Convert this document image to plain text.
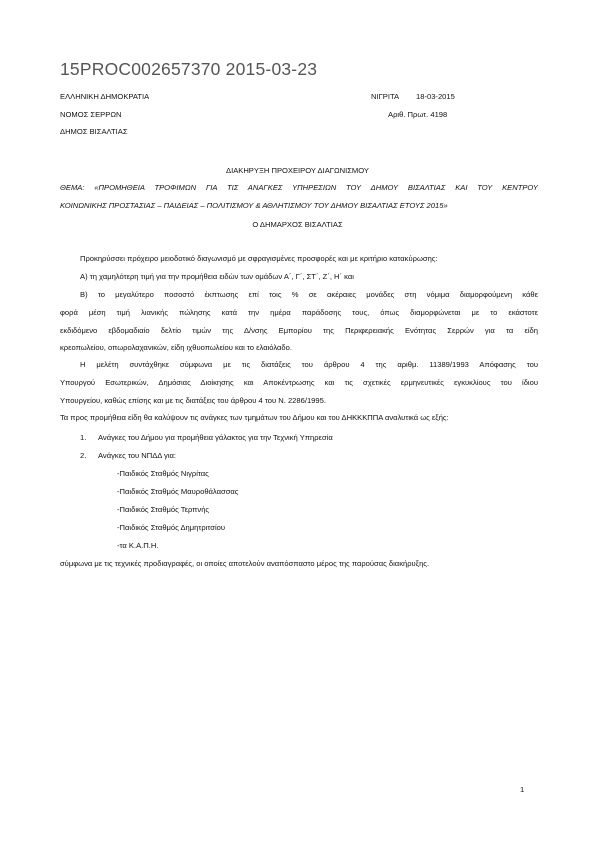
15PROC002657370 2015-03-23
ΕΛΛΗΝΙΚΗ ΔΗΜΟΚΡΑΤΙΑ	ΝΙΓΡΙΤΑ 18-03-2015
ΝΟΜΟΣ ΣΕΡΡΩΝ	Αριθ. Πρωτ. 4198
ΔΗΜΟΣ ΒΙΣΑΛΤΙΑΣ
ΔΙΑΚΗΡΥΞΗ ΠΡΟΧΕΙΡΟΥ ΔΙΑΓΩΝΙΣΜΟΥ
ΘΕΜΑ: «ΠΡΟΜΗΘΕΙΑ ΤΡΟΦΙΜΩΝ ΓΙΑ ΤΙΣ ΑΝΑΓΚΕΣ ΥΠΗΡΕΣΙΩΝ ΤΟΥ ΔΗΜΟΥ ΒΙΣΑΛΤΙΑΣ ΚΑΙ ΤΟΥ ΚΕΝΤΡΟΥ
ΚΟΙΝΩΝΙΚΗΣ ΠΡΟΣΤΑΣΙΑΣ – ΠΑΙΔΕΙΑΣ – ΠΟΛΙΤΙΣΜΟΥ & ΑΘΛΗΤΙΣΜΟΥ ΤΟΥ ΔΗΜΟΥ ΒΙΣΑΛΤΙΑΣ ΕΤΟΥΣ 2015»
Ο ΔΗΜΑΡΧΟΣ ΒΙΣΑΛΤΙΑΣ
Προκηρύσσει πρόχειρο μειοδοτικό διαγωνισμό με σφραγισμένες προσφορές και με κριτήριο κατακύρωσης:
Α) τη χαμηλότερη τιμή για την προμήθεια ειδών των ομάδων Α΄, Γ΄, ΣΤ΄, Ζ΄, Η΄ και
Β) το μεγαλύτερο ποσοστό έκπτωσης επί τοις % σε ακέραιες μονάδες στη νόμιμα διαμορφούμενη κάθε
φορά μέση τιμή λιανικής πώλησης κατά την ημέρα παράδοσης τους, όπως διαμορφώνεται με το εκάστοτε
εκδιδόμενο εβδομαδιαίο δελτίο τιμών της Δ/νσης Εμπορίου της Περιφερειακής Ενότητας Σερρών για τα είδη
κρεοπωλείου, οπωρολαχανικών, είδη ιχθυοπωλείου και το ελαιόλαδο.
Η μελέτη συντάχθηκε σύμφωνα με τις διατάξεις του άρθρου 4 της αριθμ. 11389/1993 Απόφασης του
Υπουργού Εσωτερικών, Δημόσιας Διοίκησης και Αποκέντρωσης και τις σχετικές ερμηνευτικές εγκυκλίους του ίδιου
Υπουργείου, καθώς επίσης και με τις διατάξεις του άρθρου 4 του Ν. 2286/1995.
Τα προς προμήθεια είδη θα καλύψουν τις ανάγκες των τμημάτων του Δήμου και του ΔΗΚΚΚΠΠΑ αναλυτικά ως εξής:
1. Ανάγκες του Δήμου για προμήθεια γάλακτος για την Τεχνική Υπηρεσία
2. Ανάγκες του ΝΠΔΔ για:
-Παιδικός Σταθμός Νιγρίτας
-Παιδικός Σταθμός Μαυροθάλασσας
-Παιδικός Σταθμός Τερπνής
-Παιδικός Σταθμός Δημητριτσίου
-τα Κ.Α.Π.Η.
σύμφωνα με τις τεχνικές προδιαγραφές, οι οποίες αποτελούν αναπόσπαστο μέρος της παρούσας διακήρυξης.
1
